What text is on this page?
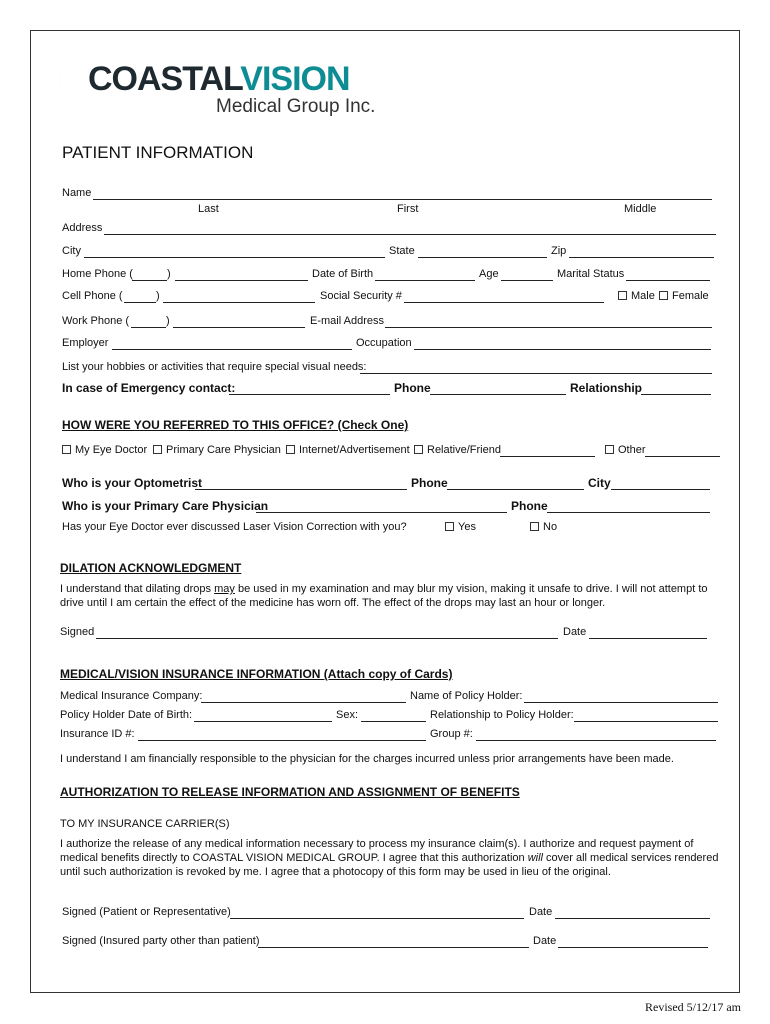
COASTALVISION
Medical Group Inc.
PATIENT INFORMATION
Name
Last	First	Middle
Address
City	State	Zip
Home Phone (	)	Date of Birth	Age	Marital Status
Cell Phone (	)	Social Security #	Male	Female
Work Phone (	)	E-mail Address
Employer	Occupation
List your hobbies or activities that require special visual needs:
In case of Emergency contact:	Phone	Relationship
HOW WERE YOU REFERRED TO THIS OFFICE? (Check One)
My Eye Doctor	Primary Care Physician	Internet/Advertisement	Relative/Friend	Other
Who is your Optometrist	Phone	City
Who is your Primary Care Physician	Phone
Has your Eye Doctor ever discussed Laser Vision Correction with you?	Yes	No
DILATION ACKNOWLEDGMENT
I understand that dilating drops may be used in my examination and may blur my vision, making it unsafe to drive. I will not attempt to drive until I am certain the effect of the medicine has worn off. The effect of the drops may last an hour or longer.
Signed	Date
MEDICAL/VISION INSURANCE INFORMATION (Attach copy of Cards)
Medical Insurance Company:	Name of Policy Holder:
Policy Holder Date of Birth:	Sex:	Relationship to Policy Holder:
Insurance ID #:	Group #:
I understand I am financially responsible to the physician for the charges incurred unless prior arrangements have been made.
AUTHORIZATION TO RELEASE INFORMATION AND ASSIGNMENT OF BENEFITS
TO MY INSURANCE CARRIER(S)
I authorize the release of any medical information necessary to process my insurance claim(s). I authorize and request payment of medical benefits directly to COASTAL VISION MEDICAL GROUP. I agree that this authorization will cover all medical services rendered until such authorization is revoked by me. I agree that a photocopy of this form may be used in lieu of the original.
Signed (Patient or Representative)	Date
Signed (Insured party other than patient)	Date
Revised 5/12/17 am
